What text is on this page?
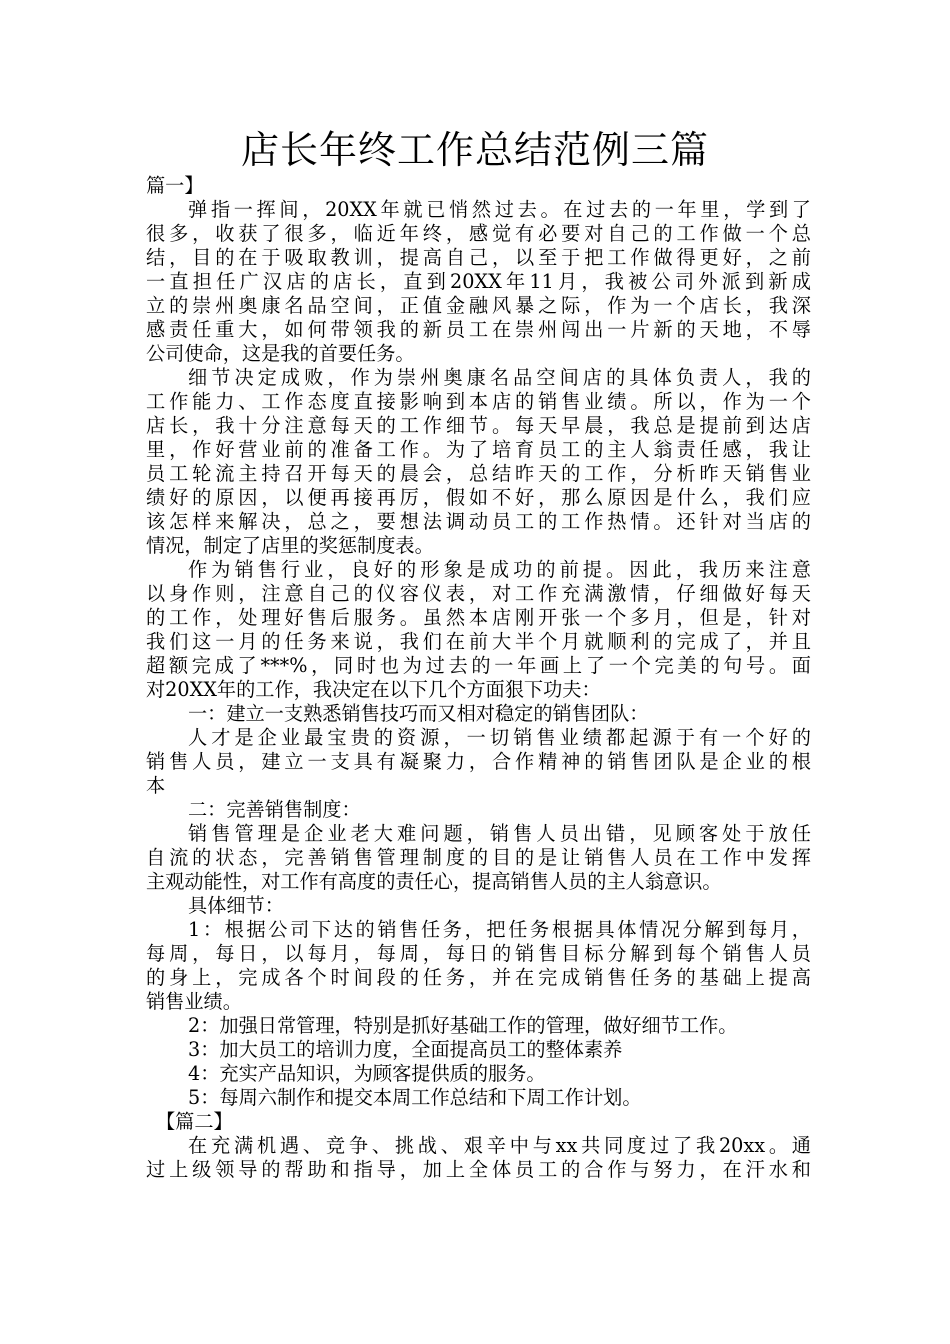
店长年终工作总结范例三篇
篇一】
弹指一挥间，20XX年就已悄然过去。在过去的一年里，学到了
很多，收获了很多，临近年终，感觉有必要对自己的工作做一个总
结，目的在于吸取教训，提高自己，以至于把工作做得更好，之前
一直担任广汉店的店长，直到20XX年11月，我被公司外派到新成
立的崇州奥康名品空间，正值金融风暴之际，作为一个店长，我深
感责任重大，如何带领我的新员工在崇州闯出一片新的天地，不辱
公司使命，这是我的首要任务。
细节决定成败，作为崇州奥康名品空间店的具体负责人，我的
工作能力、工作态度直接影响到本店的销售业绩。所以，作为一个
店长，我十分注意每天的工作细节。每天早晨，我总是提前到达店
里，作好营业前的准备工作。为了培育员工的主人翁责任感，我让
员工轮流主持召开每天的晨会，总结昨天的工作，分析昨天销售业
绩好的原因，以便再接再厉，假如不好，那么原因是什么，我们应
该怎样来解决，总之，要想法调动员工的工作热情。还针对当店的
情况，制定了店里的奖惩制度表。
作为销售行业，良好的形象是成功的前提。因此，我历来注意
以身作则，注意自己的仪容仪表，对工作充满激情，仔细做好每天
的工作，处理好售后服务。虽然本店刚开张一个多月，但是，针对
我们这一月的任务来说，我们在前大半个月就顺利的完成了，并且
超额完成了***%，同时也为过去的一年画上了一个完美的句号。面
对20XX年的工作，我决定在以下几个方面狠下功夫：
一：建立一支熟悉销售技巧而又相对稳定的销售团队：
人才是企业最宝贵的资源，一切销售业绩都起源于有一个好的
销售人员，建立一支具有凝聚力，合作精神的销售团队是企业的根
本
二：完善销售制度：
销售管理是企业老大难问题，销售人员出错，见顾客处于放任
自流的状态，完善销售管理制度的目的是让销售人员在工作中发挥
主观动能性，对工作有高度的责任心，提高销售人员的主人翁意识。
具体细节：
1：根据公司下达的销售任务，把任务根据具体情况分解到每月，
每周，每日，以每月，每周，每日的销售目标分解到每个销售人员
的身上，完成各个时间段的任务，并在完成销售任务的基础上提高
销售业绩。
2：加强日常管理，特别是抓好基础工作的管理，做好细节工作。
3：加大员工的培训力度，全面提高员工的整体素养
4：充实产品知识，为顾客提供质的服务。
5：每周六制作和提交本周工作总结和下周工作计划。
【篇二】
在充满机遇、竞争、挑战、艰辛中与xx共同度过了我20xx。通
过上级领导的帮助和指导，加上全体员工的合作与努力，在汗水和
